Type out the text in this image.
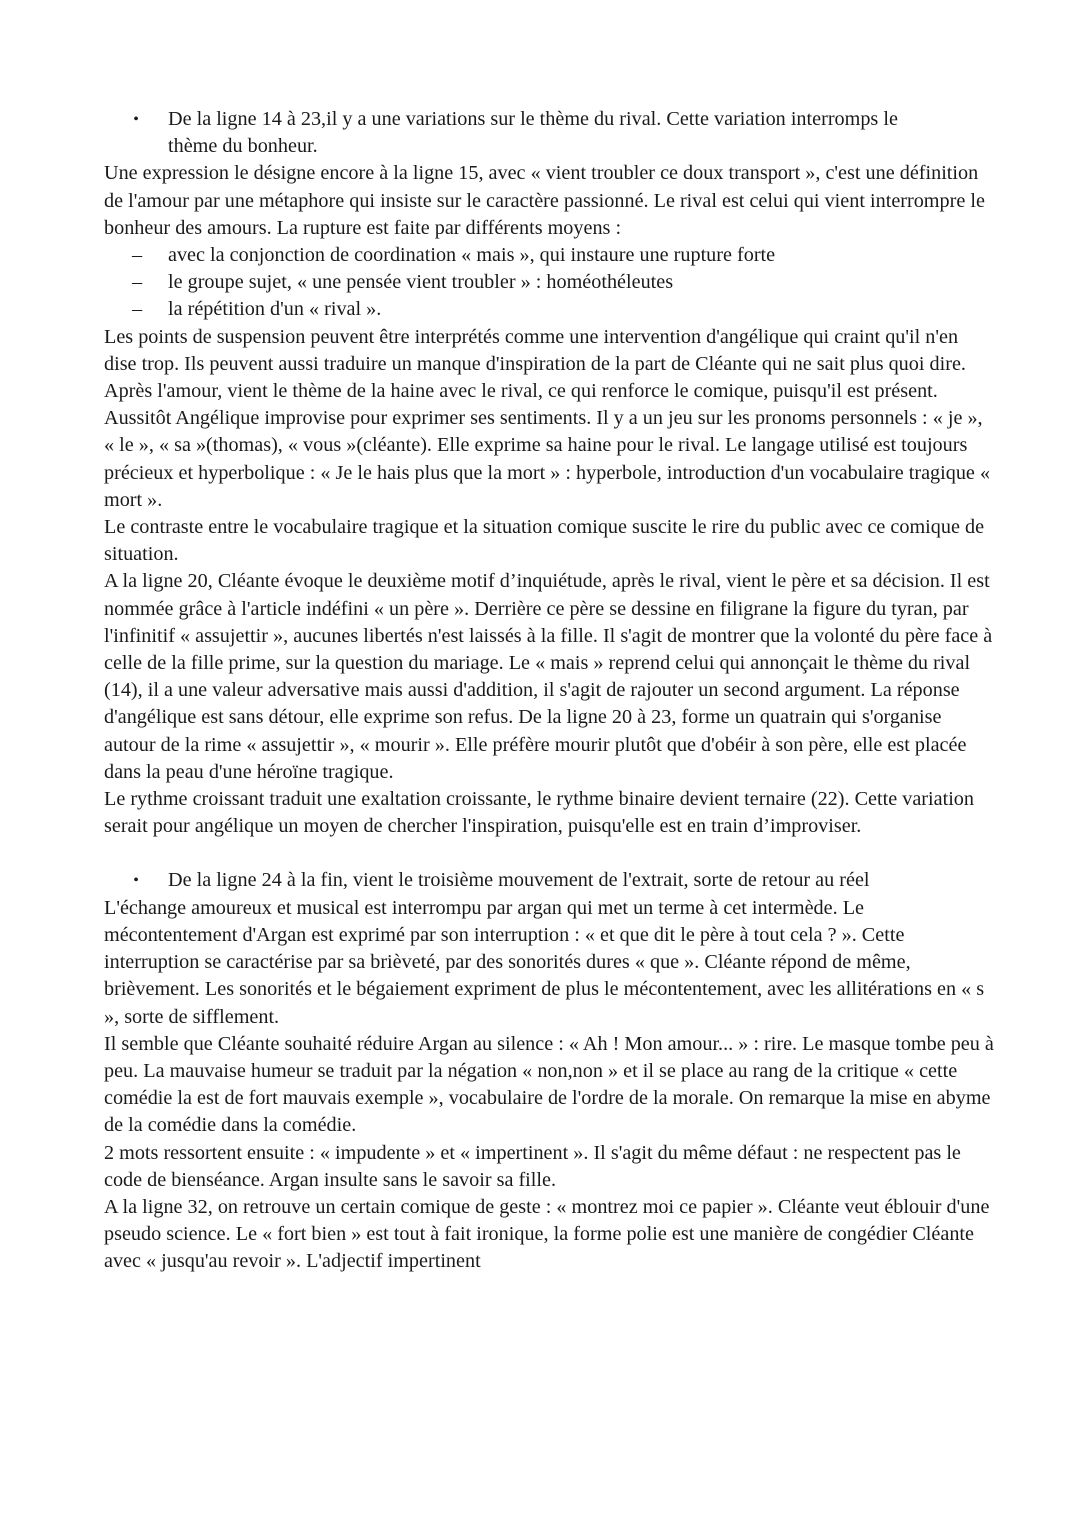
•	De la ligne 14 à 23,il y a une variations sur le thème du rival. Cette variation interromps le thème du bonheur.

Une expression le désigne encore à la ligne 15, avec « vient troubler ce doux transport », c'est une définition de l'amour par une métaphore qui insiste sur le caractère passionné. Le rival est celui qui vient interrompre le bonheur des amours. La rupture est faite par différents moyens :

–	avec la conjonction de coordination « mais », qui instaure une rupture forte
–	le groupe sujet, « une pensée vient troubler » : homéothéleutes
–	la répétition d'un « rival ».

Les points de suspension peuvent être interprétés comme une intervention d'angélique qui craint qu'il n'en dise trop. Ils peuvent aussi traduire un manque d'inspiration de la part de Cléante qui ne sait plus quoi dire.

Après l'amour, vient le thème de la haine avec le rival, ce qui renforce le comique, puisqu'il est présent. Aussitôt Angélique improvise pour exprimer ses sentiments. Il y a un jeu sur les pronoms personnels : « je », « le », « sa »(thomas), « vous »(cléante). Elle exprime sa haine pour le rival. Le langage utilisé est toujours précieux et hyperbolique : « Je le hais plus que la mort » : hyperbole, introduction d'un vocabulaire tragique « mort ».

Le contraste entre le vocabulaire tragique et la situation comique suscite le rire du public avec ce comique de situation.

A la ligne 20, Cléante évoque le deuxième motif d’inquiétude, après le rival, vient le père et sa décision. Il est nommée grâce à l'article indéfini « un père ». Derrière ce père se dessine en filigrane la figure du tyran, par l'infinitif « assujettir », aucunes libertés n'est laissés à la fille. Il s'agit de montrer que la volonté du père face à celle de la fille prime, sur la question du mariage. Le « mais » reprend celui qui annonçait le thème du rival (14), il a une valeur adversative mais aussi d'addition, il s'agit de rajouter un second argument. La réponse d'angélique est sans détour, elle exprime son refus. De la ligne 20 à 23, forme un quatrain qui s'organise autour de la rime « assujettir », « mourir ». Elle préfère mourir plutôt que d'obéir à son père, elle est placée dans la peau d'une héroïne tragique.

Le rythme croissant traduit une exaltation croissante, le rythme binaire devient ternaire (22). Cette variation serait pour angélique un moyen de chercher l'inspiration, puisqu'elle est en train d’improviser.

•	De la ligne 24 à la fin, vient le troisième mouvement de l'extrait, sorte de retour au réel

L'échange amoureux et musical est interrompu par argan qui met un terme à cet intermède. Le mécontentement d'Argan est exprimé par son interruption : « et que dit le père à tout cela ? ». Cette interruption se caractérise par sa brièveté, par des sonorités dures « que ». Cléante répond de même, brièvement. Les sonorités et le bégaiement expriment de plus le mécontentement, avec les allitérations en « s », sorte de sifflement.

Il semble que Cléante souhaité réduire Argan au silence : « Ah ! Mon amour... » : rire. Le masque tombe peu à peu. La mauvaise humeur se traduit par la négation « non,non » et il se place au rang de la critique « cette comédie la est de fort mauvais exemple », vocabulaire de l'ordre de la morale. On remarque la mise en abyme de la comédie dans la comédie.

2 mots ressortent ensuite : « impudente » et « impertinent ». Il s'agit du même défaut : ne respectent pas le code de bienséance. Argan insulte sans le savoir sa fille.

A la ligne 32, on retrouve un certain comique de geste : « montrez moi ce papier ». Cléante veut éblouir d'une pseudo science. Le « fort bien » est tout à fait ironique, la forme polie est une manière de congédier Cléante avec « jusqu'au revoir ». L'adjectif impertinent
